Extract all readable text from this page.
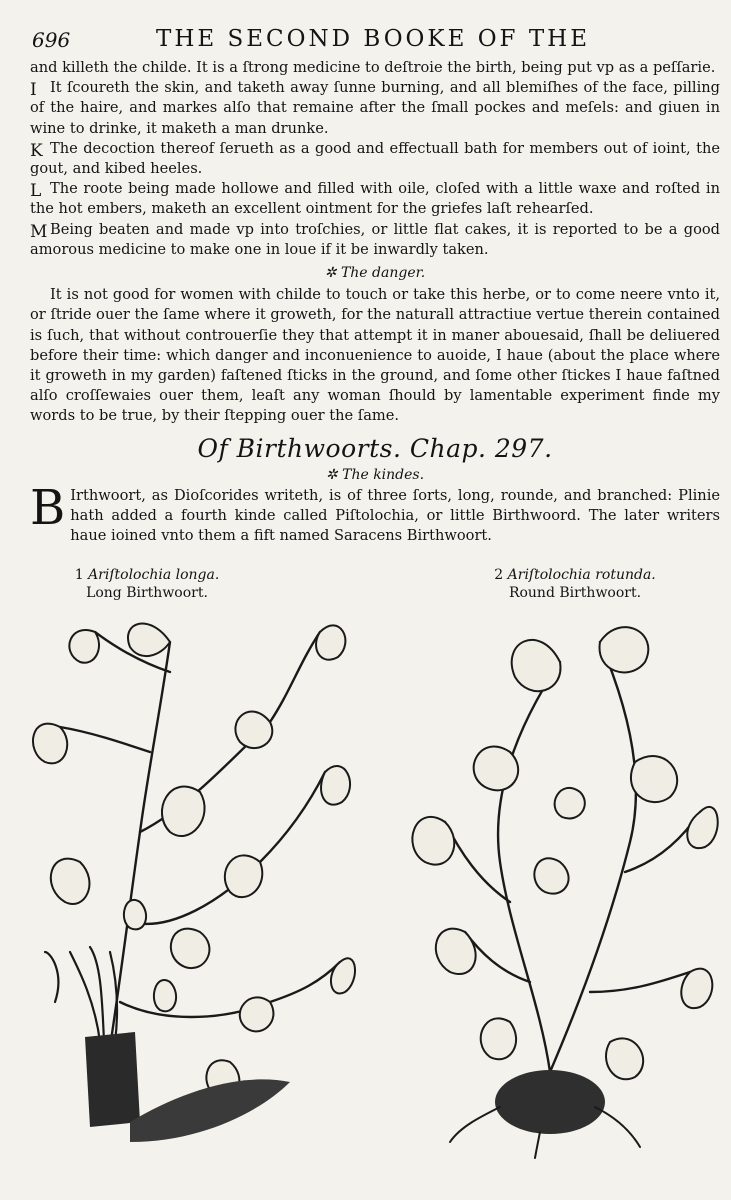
696	THE SECOND BOOKE OF THE

and killeth the childe. It is a ſtrong medicine to deſtroie the birth, being put vp as a peſſarie.

I It ſcoureth the skin, and taketh away ſunne burning, and all blemiſhes of the face, pilling of the haire, and markes alſo that remaine after the ſmall pockes and meſels: and giuen in wine to drinke, it maketh a man drunke.

K The decoction thereof ſerueth as a good and effectuall bath for members out of ioint, the gout, and kibed heeles.

L The roote being made hollowe and filled with oile, cloſed with a little waxe and roſted in the hot embers, maketh an excellent ointment for the griefes laſt rehearſed.

M Being beaten and made vp into troſchies, or little flat cakes, it is reported to be a good amorous medicine to make one in loue if it be inwardly taken.

✲ The danger.

It is not good for women with childe to touch or take this herbe, or to come neere vnto it, or ſtride ouer the ſame where it groweth, for the naturall attractiue vertue therein contained is ſuch, that without controuerſie they that attempt it in maner abouesaid, ſhall be deliuered before their time: which danger and inconuenience to auoide, I haue (about the place where it groweth in my garden) faſtened ſticks in the ground, and ſome other ſtickes I haue faſtned alſo croſſewaies ouer them, leaſt any woman ſhould by lamentable experiment finde my words to be true, by their ſtepping ouer the ſame.

Of Birthwoorts. Chap. 297.
✲ The kindes.

B Irthwoort, as Dioſcorides writeth, is of three ſorts, long, rounde, and branched: Plinie hath added a fourth kinde called Piſtolochia, or little Birthwoord. The later writers haue ioined vnto them a fift named Saracens Birthwoort.

1 Ariſtolochia longa.
Long Birthwoort.
2 Ariſtolochia rotunda.
Round Birthwoort.
